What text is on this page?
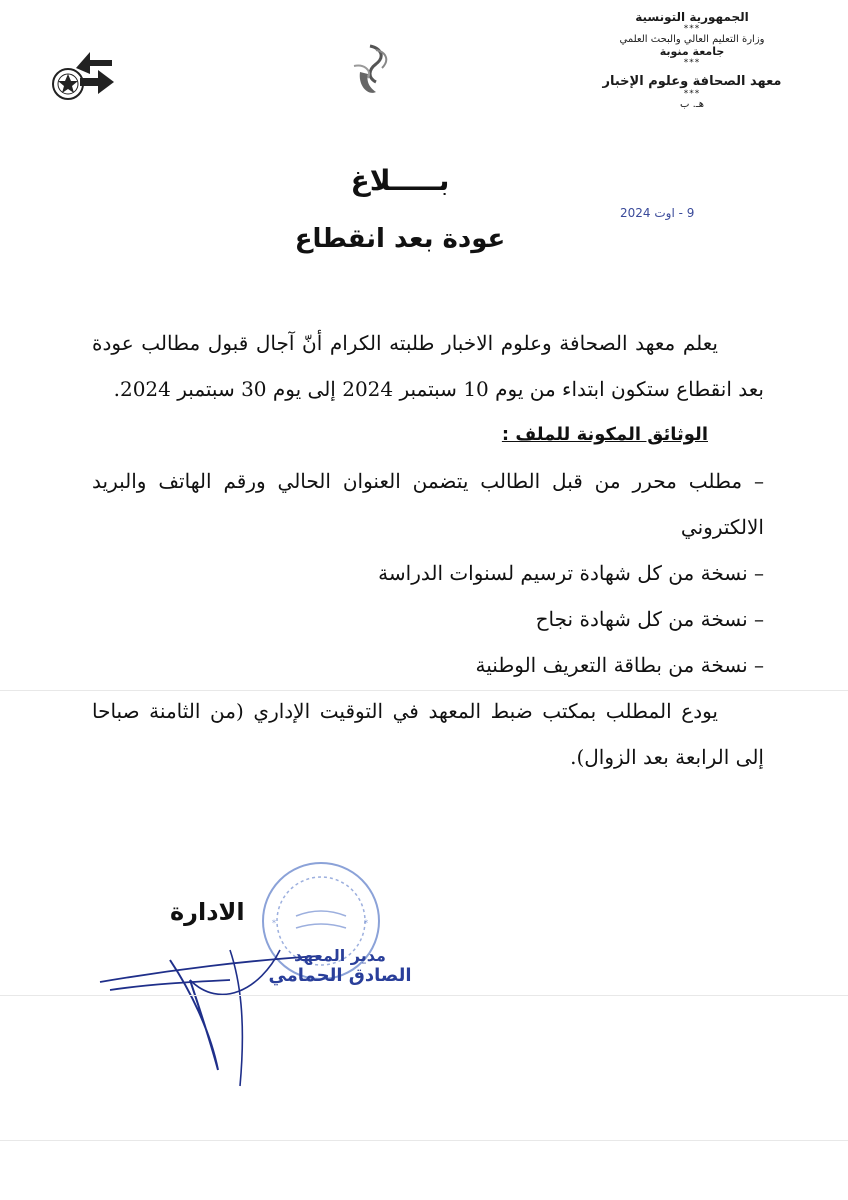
الجمهورية التونسية
***
وزارة التعليم العالي والبحث العلمي
جامعة منوبة
***
معهد الصحافة وعلوم الإخبار
***
هـ. ب
9 - اوت 2024
بـــــلاغ
عودة بعد انقطاع

يعلم معهد الصحافة وعلوم الاخبار طلبته الكرام أنّ آجال قبول مطالب عودة بعد انقطاع ستكون ابتداء من يوم 10 سبتمبر 2024 إلى يوم 30 سبتمبر 2024.

الوثائق المكونة للملف :

– مطلب محرر من قبل الطالب يتضمن العنوان الحالي ورقم الهاتف والبريد الالكتروني

– نسخة من كل شهادة ترسيم لسنوات الدراسة

– نسخة من كل شهادة نجاح

– نسخة من بطاقة التعريف الوطنية

يودع المطلب بمكتب ضبط المعهد في التوقيت الإداري (من الثامنة صباحا إلى الرابعة بعد الزوال).

الادارة	*	*
مدير المعهد
الصادق الحمامي
